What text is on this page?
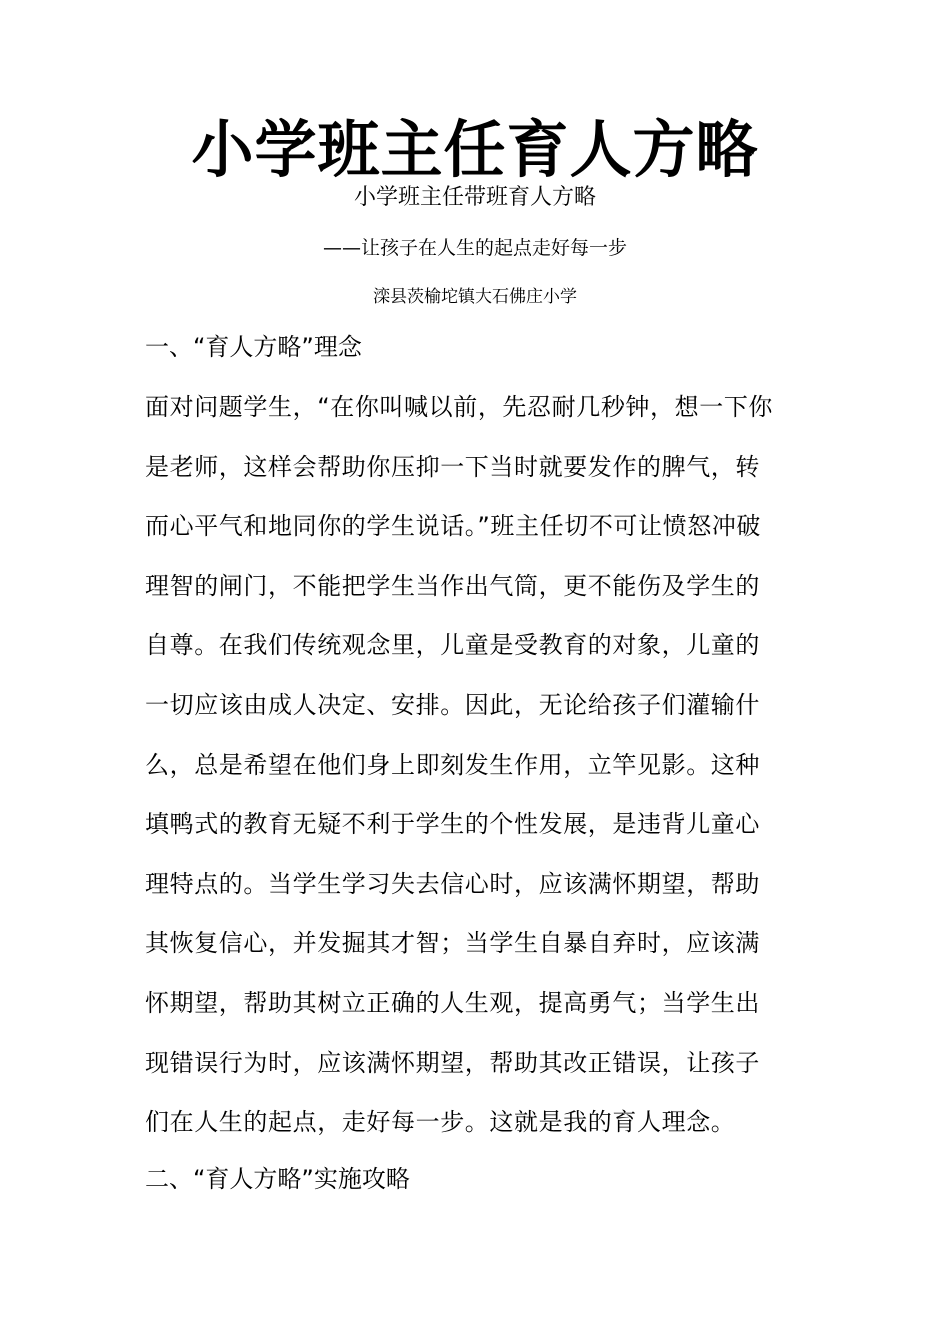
小学班主任育人方略
小学班主任带班育人方略
——让孩子在人生的起点走好每一步
滦县茨榆坨镇大石佛庄小学
一、“育人方略”理念
面对问题学生，“在你叫喊以前，先忍耐几秒钟，想一下你
是老师，这样会帮助你压抑一下当时就要发作的脾气，转
而心平气和地同你的学生说话。”班主任切不可让愤怒冲破
理智的闸门，不能把学生当作出气筒，更不能伤及学生的
自尊。在我们传统观念里，儿童是受教育的对象，儿童的
一切应该由成人决定、安排。因此，无论给孩子们灌输什
么，总是希望在他们身上即刻发生作用，立竿见影。这种
填鸭式的教育无疑不利于学生的个性发展，是违背儿童心
理特点的。当学生学习失去信心时，应该满怀期望，帮助
其恢复信心，并发掘其才智；当学生自暴自弃时，应该满
怀期望，帮助其树立正确的人生观，提高勇气；当学生出
现错误行为时，应该满怀期望，帮助其改正错误，让孩子
们在人生的起点，走好每一步。这就是我的育人理念。
二、“育人方略”实施攻略
